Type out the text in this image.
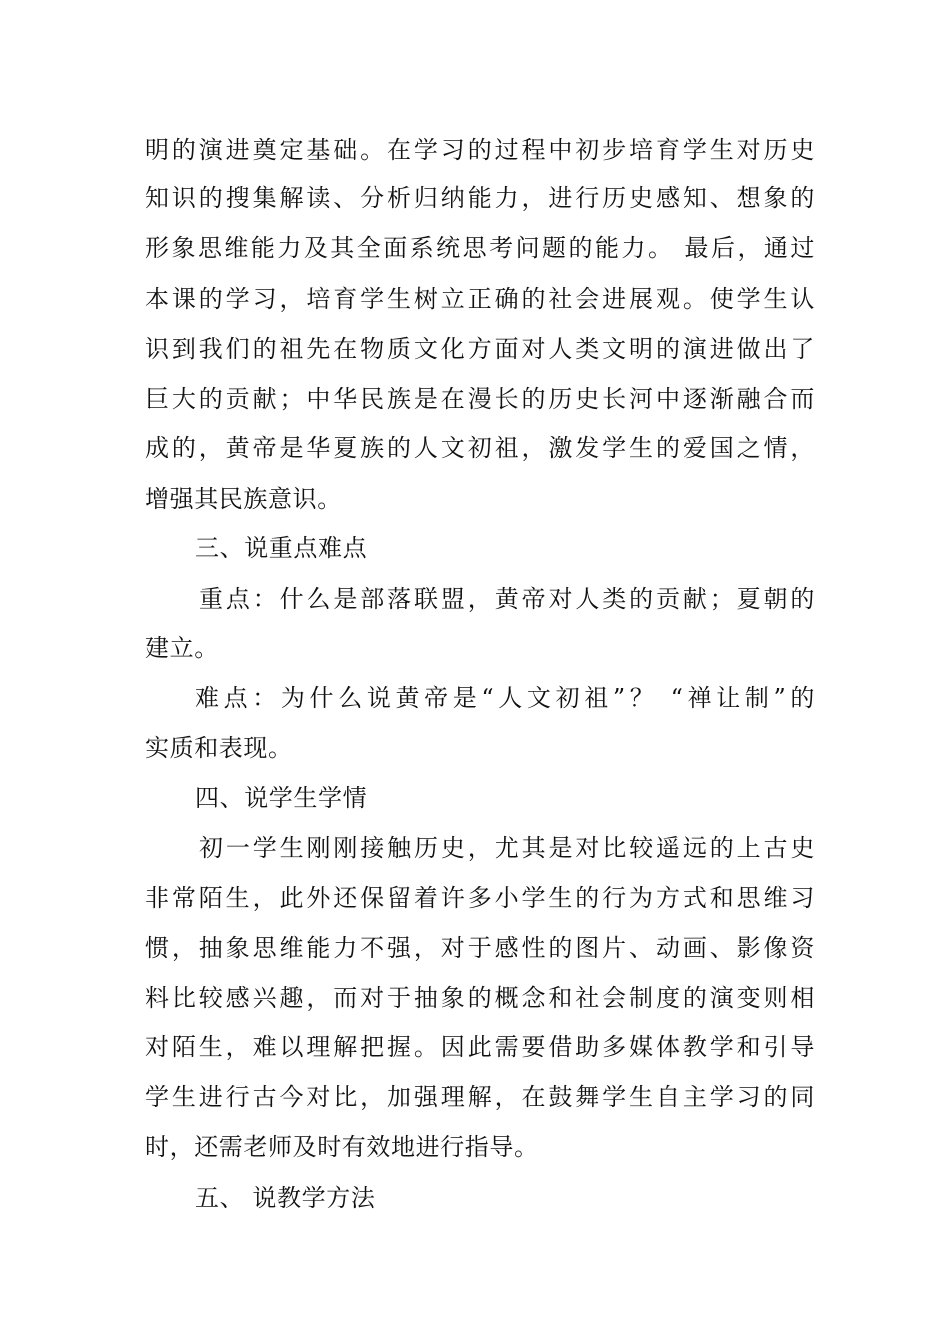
明的演进奠定基础。在学习的过程中初步培育学生对历史
知识的搜集解读、分析归纳能力，进行历史感知、想象的
形象思维能力及其全面系统思考问题的能力。 最后，通过
本课的学习，培育学生树立正确的社会进展观。使学生认
识到我们的祖先在物质文化方面对人类文明的演进做出了
巨大的贡献；中华民族是在漫长的历史长河中逐渐融合而
成的，黄帝是华夏族的人文初祖，激发学生的爱国之情，
增强其民族意识。
三、说重点难点
重点：什么是部落联盟，黄帝对人类的贡献；夏朝的
建立。
难点：为什么说黄帝是“人文初祖”？ “禅让制”的
实质和表现。
四、说学生学情
初一学生刚刚接触历史，尤其是对比较遥远的上古史
非常陌生，此外还保留着许多小学生的行为方式和思维习
惯，抽象思维能力不强，对于感性的图片、动画、影像资
料比较感兴趣，而对于抽象的概念和社会制度的演变则相
对陌生，难以理解把握。因此需要借助多媒体教学和引导
学生进行古今对比，加强理解，在鼓舞学生自主学习的同
时，还需老师及时有效地进行指导。
五、 说教学方法
